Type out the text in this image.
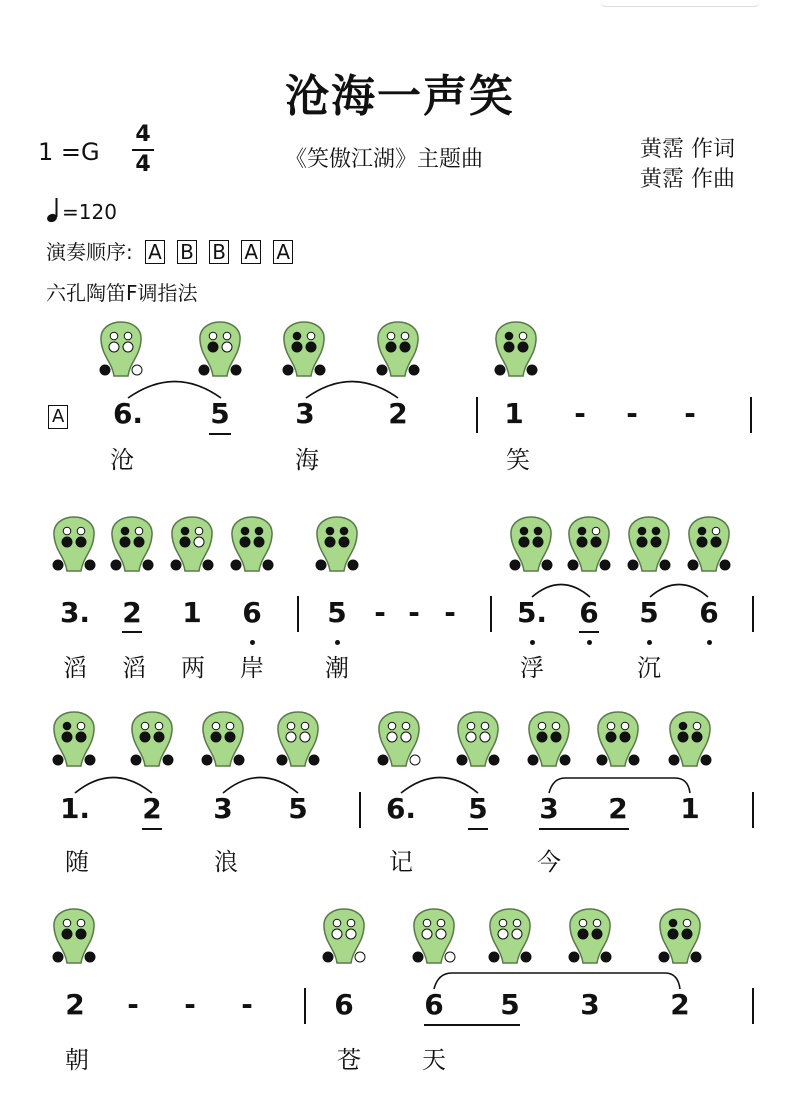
沧海一声笑
1 =G
4
4	《笑傲江湖》主题曲	黄霑 作词
黄霑 作曲
=120
演奏顺序: A B B A A
六孔陶笛F调指法
A 6. 5 3	2	1 - - -
沧	海	笑
3. 2 1 6 5 - - - 5. 6 5 6
滔 滔 两 岸	潮	浮	沉
1. 2 3 5	6. 5 3 2 1
随	浪	记	今
2 - - -	6	6 5 3	2
朝	苍	天
